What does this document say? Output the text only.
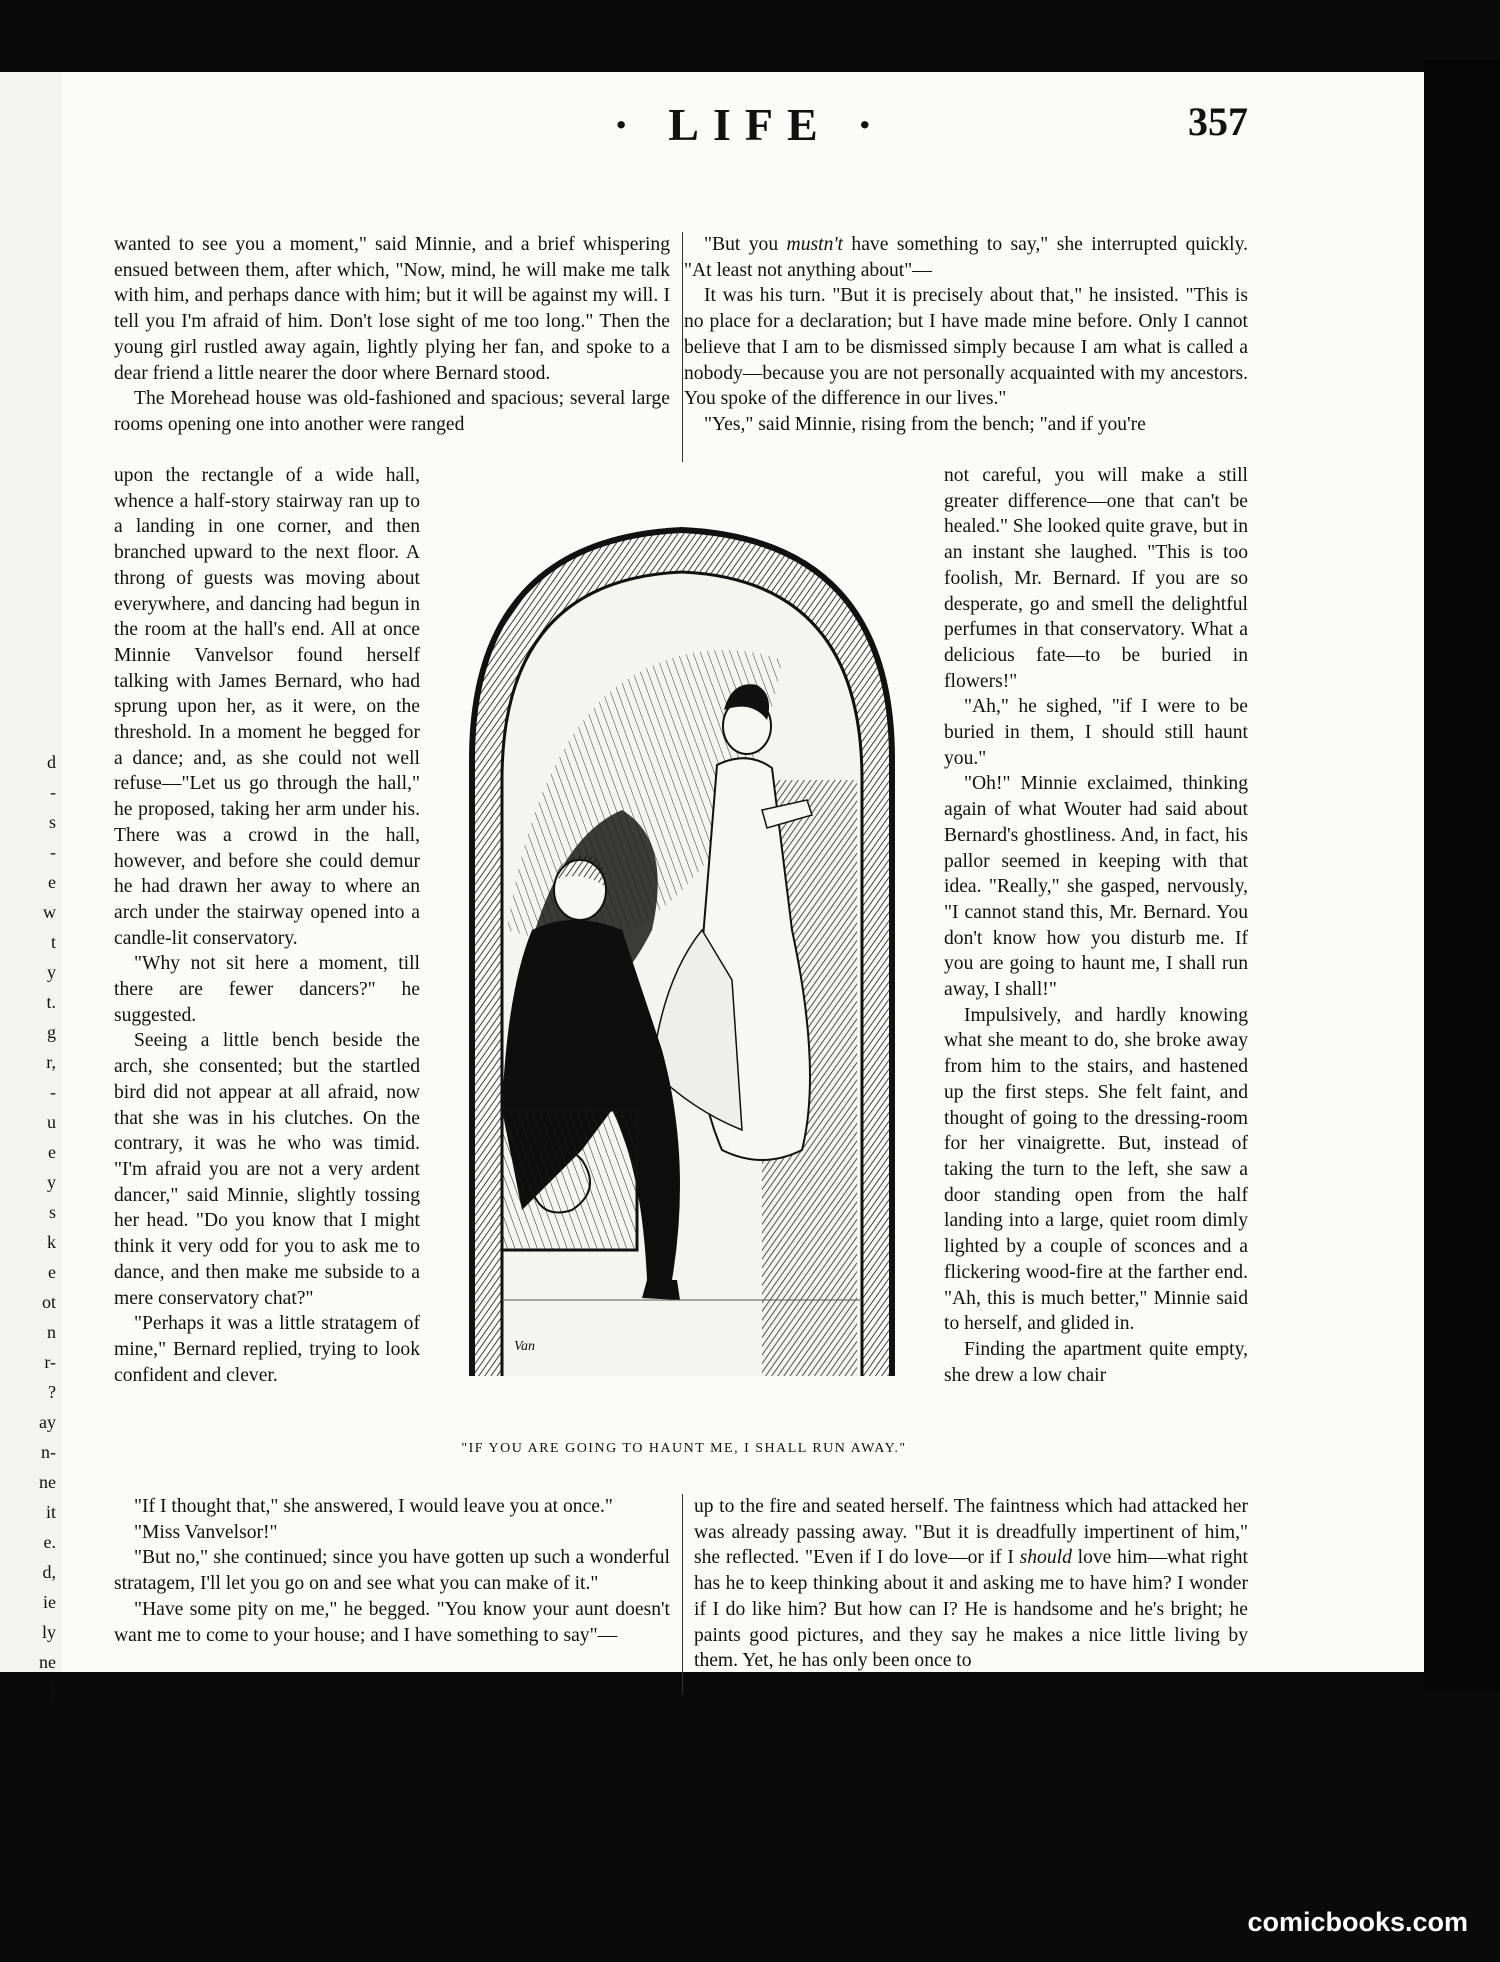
d
-
s
-
e
w
t
y
t.
g
r,
-
u
e
y
s
k
e
ot
n
r-
?
ay
n-
ne
it
e.
d,
ie
ly
ne
I
· LIFE ·	357

wanted to see you a moment," said Minnie, and a brief whispering ensued between them, after which, "Now, mind, he will make me talk with him, and perhaps dance with him; but it will be against my will. I tell you I'm afraid of him. Don't lose sight of me too long." Then the young girl rustled away again, lightly plying her fan, and spoke to a dear friend a little nearer the door where Bernard stood.

The Morehead house was old-fashioned and spacious; several large rooms opening one into another were ranged

upon the rectangle of a wide hall, whence a half-story stairway ran up to a landing in one corner, and then branched upward to the next floor. A throng of guests was moving about everywhere, and dancing had begun in the room at the hall's end. All at once Minnie Vanvelsor found herself talking with James Bernard, who had sprung upon her, as it were, on the threshold. In a moment he begged for a dance; and, as she could not well refuse—"Let us go through the hall," he proposed, taking her arm under his. There was a crowd in the hall, however, and before she could demur he had drawn her away to where an arch under the stairway opened into a candle-lit conservatory.

"Why not sit here a moment, till there are fewer dancers?" he suggested.

Seeing a little bench beside the arch, she consented; but the startled bird did not appear at all afraid, now that she was in his clutches. On the contrary, it was he who was timid. "I'm afraid you are not a very ardent dancer," said Minnie, slightly tossing her head. "Do you know that I might think it very odd for you to ask me to dance, and then make me subside to a mere conservatory chat?"

"Perhaps it was a little stratagem of mine," Bernard replied, trying to look confident and clever.

"If I thought that," she answered, I would leave you at once."

"Miss Vanvelsor!"

"But no," she continued; since you have gotten up such a wonderful stratagem, I'll let you go on and see what you can make of it."

"Have some pity on me," he begged. "You know your aunt doesn't want me to come to your house; and I have something to say"—

"But you mustn't have something to say," she interrupted quickly. "At least not anything about"—

It was his turn. "But it is precisely about that," he insisted. "This is no place for a declaration; but I have made mine before. Only I cannot believe that I am to be dismissed simply because I am what is called a nobody—because you are not personally acquainted with my ancestors. You spoke of the difference in our lives."

"Yes," said Minnie, rising from the bench; "and if you're

not careful, you will make a still greater difference—one that can't be healed." She looked quite grave, but in an instant she laughed. "This is too foolish, Mr. Bernard. If you are so desperate, go and smell the delightful perfumes in that conservatory. What a delicious fate—to be buried in flowers!"

"Ah," he sighed, "if I were to be buried in them, I should still haunt you."

"Oh!" Minnie exclaimed, thinking again of what Wouter had said about Bernard's ghostliness. And, in fact, his pallor seemed in keeping with that idea. "Really," she gasped, nervously, "I cannot stand this, Mr. Bernard. You don't know how you disturb me. If you are going to haunt me, I shall run away, I shall!"

Impulsively, and hardly knowing what she meant to do, she broke away from him to the stairs, and hastened up the first steps. She felt faint, and thought of going to the dressing-room for her vinaigrette. But, instead of taking the turn to the left, she saw a door standing open from the half landing into a large, quiet room dimly lighted by a couple of sconces and a flickering wood-fire at the farther end. "Ah, this is much better," Minnie said to herself, and glided in.

Finding the apartment quite empty, she drew a low chair

up to the fire and seated herself. The faintness which had attacked her was already passing away. "But it is dreadfully impertinent of him," she reflected. "Even if I do love—or if I should love him—what right has he to keep thinking about it and asking me to have him? I wonder if I do like him? But how can I? He is handsome and he's bright; he paints good pictures, and they say he makes a nice little living by them. Yet, he has only been once to

Van
"IF YOU ARE GOING TO HAUNT ME, I SHALL RUN AWAY."
comicbooks.com
